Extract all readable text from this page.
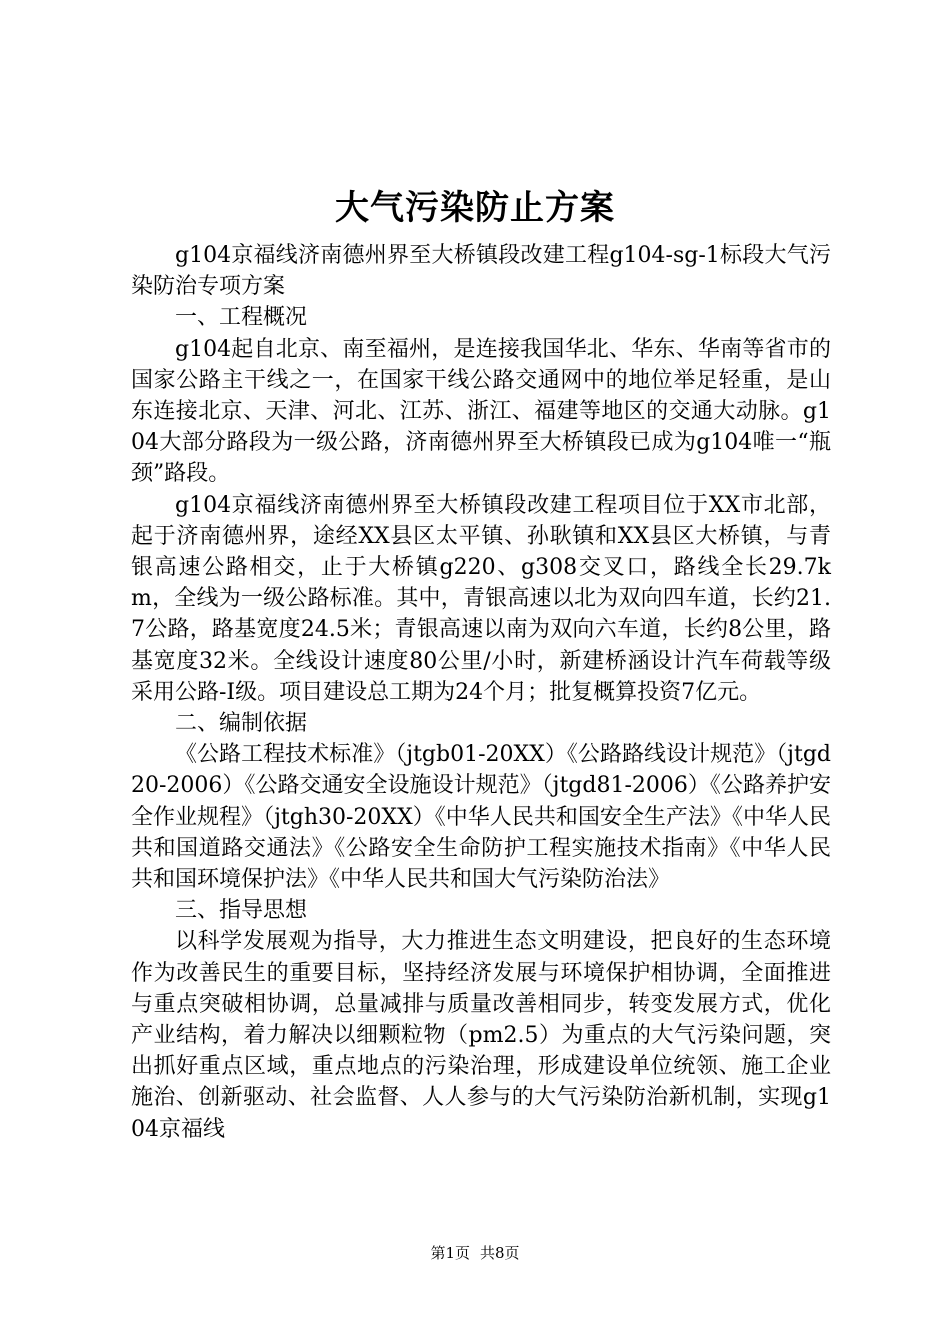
大气污染防止方案

g104京福线济南德州界至大桥镇段改建工程g104-sg-1标段大气污染防治专项方案

一、工程概况

g104起自北京、南至福州，是连接我国华北、华东、华南等省市的国家公路主干线之一，在国家干线公路交通网中的地位举足轻重，是山东连接北京、天津、河北、江苏、浙江、福建等地区的交通大动脉。g104大部分路段为一级公路，济南德州界至大桥镇段已成为g104唯一“瓶颈”路段。

g104京福线济南德州界至大桥镇段改建工程项目位于XX市北部，起于济南德州界，途经XX县区太平镇、孙耿镇和XX县区大桥镇，与青银高速公路相交，止于大桥镇g220、g308交叉口，路线全长29.7km，全线为一级公路标准。其中，青银高速以北为双向四车道，长约21.7公路，路基宽度24.5米；青银高速以南为双向六车道，长约8公里，路基宽度32米。全线设计速度80公里/小时，新建桥涵设计汽车荷载等级采用公路-Ⅰ级。项目建设总工期为24个月；批复概算投资7亿元。

二、编制依据

《公路工程技术标准》（jtgb01-20XX）《公路路线设计规范》（jtgd20-2006）《公路交通安全设施设计规范》（jtgd81-2006）《公路养护安全作业规程》（jtgh30-20XX）《中华人民共和国安全生产法》《中华人民共和国道路交通法》《公路安全生命防护工程实施技术指南》《中华人民共和国环境保护法》《中华人民共和国大气污染防治法》

三、指导思想

以科学发展观为指导，大力推进生态文明建设，把良好的生态环境作为改善民生的重要目标，坚持经济发展与环境保护相协调，全面推进与重点突破相协调，总量减排与质量改善相同步，转变发展方式，优化产业结构，着力解决以细颗粒物（pm2.5）为重点的大气污染问题，突出抓好重点区域，重点地点的污染治理，形成建设单位统领、施工企业施治、创新驱动、社会监督、人人参与的大气污染防治新机制，实现g104京福线

第1页 共8页
